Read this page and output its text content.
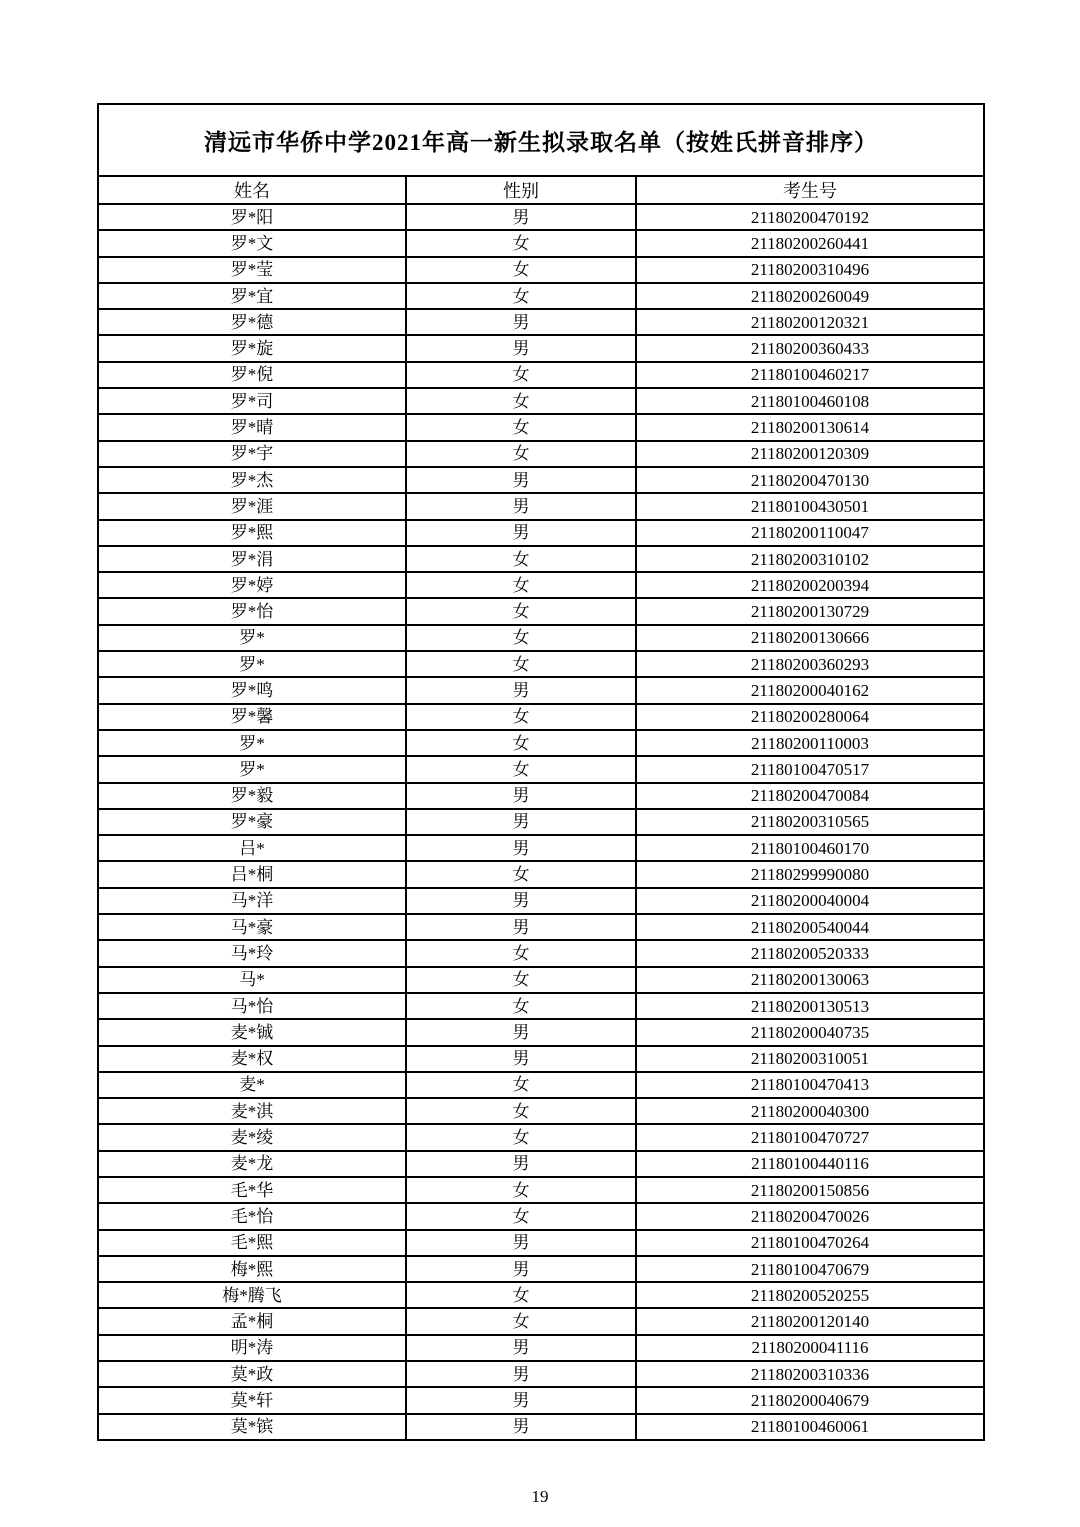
清远市华侨中学2021年高一新生拟录取名单（按姓氏拼音排序）		
姓名	性别	考生号
罗*阳	男	21180200470192
罗*文	女	21180200260441
罗*莹	女	21180200310496
罗*宜	女	21180200260049
罗*德	男	21180200120321
罗*旋	男	21180200360433
罗*倪	女	21180100460217
罗*司	女	21180100460108
罗*晴	女	21180200130614
罗*宇	女	21180200120309
罗*杰	男	21180200470130
罗*涯	男	21180100430501
罗*熙	男	21180200110047
罗*涓	女	21180200310102
罗*婷	女	21180200200394
罗*怡	女	21180200130729
罗*	女	21180200130666
罗*	女	21180200360293
罗*鸣	男	21180200040162
罗*馨	女	21180200280064
罗*	女	21180200110003
罗*	女	21180100470517
罗*毅	男	21180200470084
罗*豪	男	21180200310565
吕*	男	21180100460170
吕*桐	女	21180299990080
马*洋	男	21180200040004
马*豪	男	21180200540044
马*玲	女	21180200520333
马*	女	21180200130063
马*怡	女	21180200130513
麦*铖	男	21180200040735
麦*权	男	21180200310051
麦*	女	21180100470413
麦*淇	女	21180200040300
麦*绫	女	21180100470727
麦*龙	男	21180100440116
毛*华	女	21180200150856
毛*怡	女	21180200470026
毛*熙	男	21180100470264
梅*熙	男	21180100470679
梅*腾飞	女	21180200520255
孟*桐	女	21180200120140
明*涛	男	21180200041116
莫*政	男	21180200310336
莫*轩	男	21180200040679
莫*镔	男	21180100460061
19
